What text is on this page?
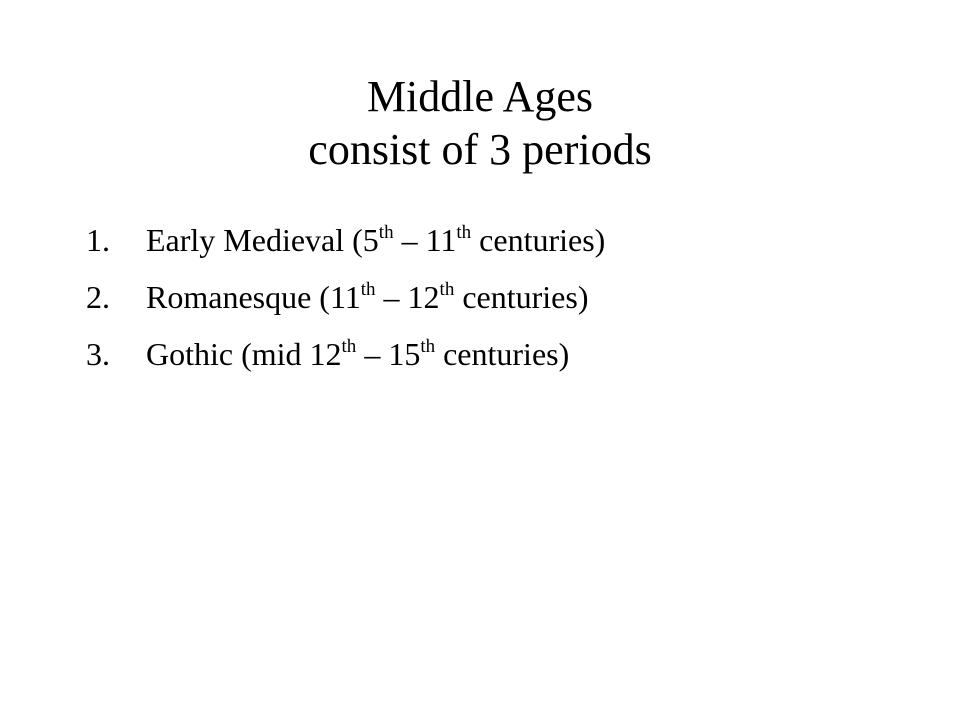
Middle Ages
consist of 3 periods
1. Early Medieval (5th – 11th centuries)
2. Romanesque (11th – 12th centuries)
3. Gothic (mid 12th – 15th centuries)
